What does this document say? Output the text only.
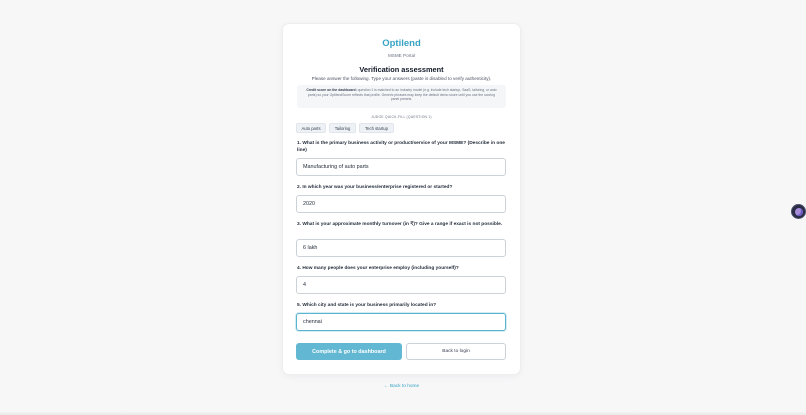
Optilend
MSME Portal
Verification assessment
Please answer the following. Type your answers (paste is disabled to verify authenticity).
Credit score on the dashboard: question 1 is matched to an industry model (e.g. include tech startup, SaaS, tailoring, or auto parts) so your OptilendScore reflects that profile. Generic phrases may keep the default demo score until you use the scoring panel presets.
JUDGE QUICK-FILL (QUESTION 1)
Auto parts	Tailoring	Tech startup
1. What is the primary business activity or product/service of your MSME? (Describe in one line)
Manufacturing of auto parts
2. In which year was your business/enterprise registered or started?
2020
3. What is your approximate monthly turnover (in ₹)? Give a range if exact is not possible.
6 lakh
4. How many people does your enterprise employ (including yourself)?
4
5. Which city and state is your business primarily located in?
chennai
Complete & go to dashboard	Back to login
← Back to home
